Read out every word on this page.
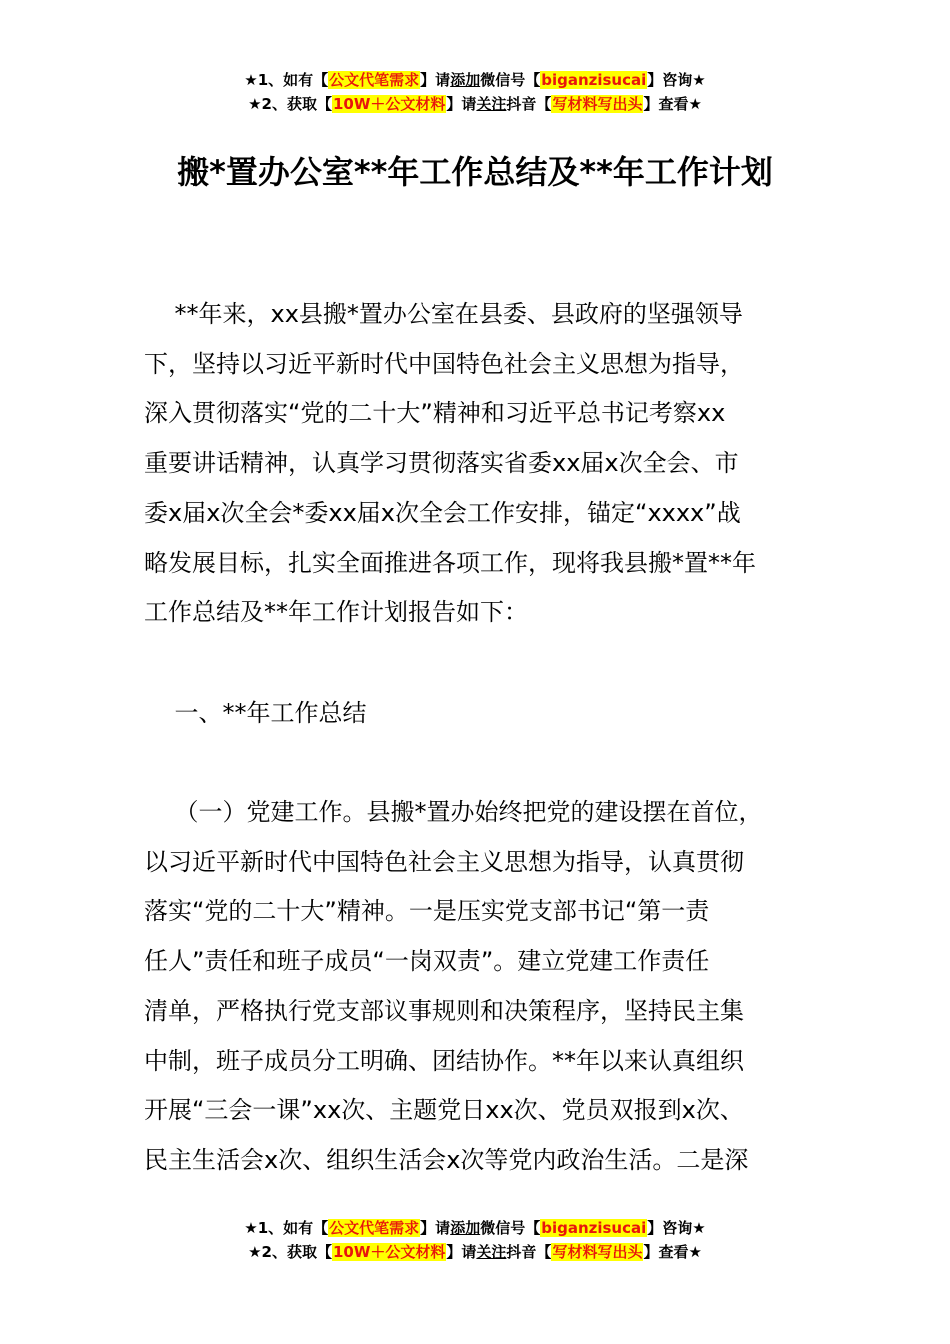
★1、如有【公文代笔需求】请添加微信号【biganzisucai】咨询★
★2、获取【10W＋公文材料】请关注抖音【写材料写出头】查看★
搬*置办公室**年工作总结及**年工作计划
**年来，xx县搬*置办公室在县委、县政府的坚强领导
下，坚持以习近平新时代中国特色社会主义思想为指导，
深入贯彻落实“党的二十大”精神和习近平总书记考察xx
重要讲话精神，认真学习贯彻落实省委xx届x次全会、市
委x届x次全会*委xx届x次全会工作安排，锚定“xxxx”战
略发展目标，扎实全面推进各项工作，现将我县搬*置**年
工作总结及**年工作计划报告如下：
一、**年工作总结
（一）党建工作。县搬*置办始终把党的建设摆在首位，
以习近平新时代中国特色社会主义思想为指导，认真贯彻
落实“党的二十大”精神。一是压实党支部书记“第一责
任人”责任和班子成员“一岗双责”。建立党建工作责任
清单，严格执行党支部议事规则和决策程序，坚持民主集
中制，班子成员分工明确、团结协作。**年以来认真组织
开展“三会一课”xx次、主题党日xx次、党员双报到x次、
民主生活会x次、组织生活会x次等党内政治生活。二是深
★1、如有【公文代笔需求】请添加微信号【biganzisucai】咨询★
★2、获取【10W＋公文材料】请关注抖音【写材料写出头】查看★
